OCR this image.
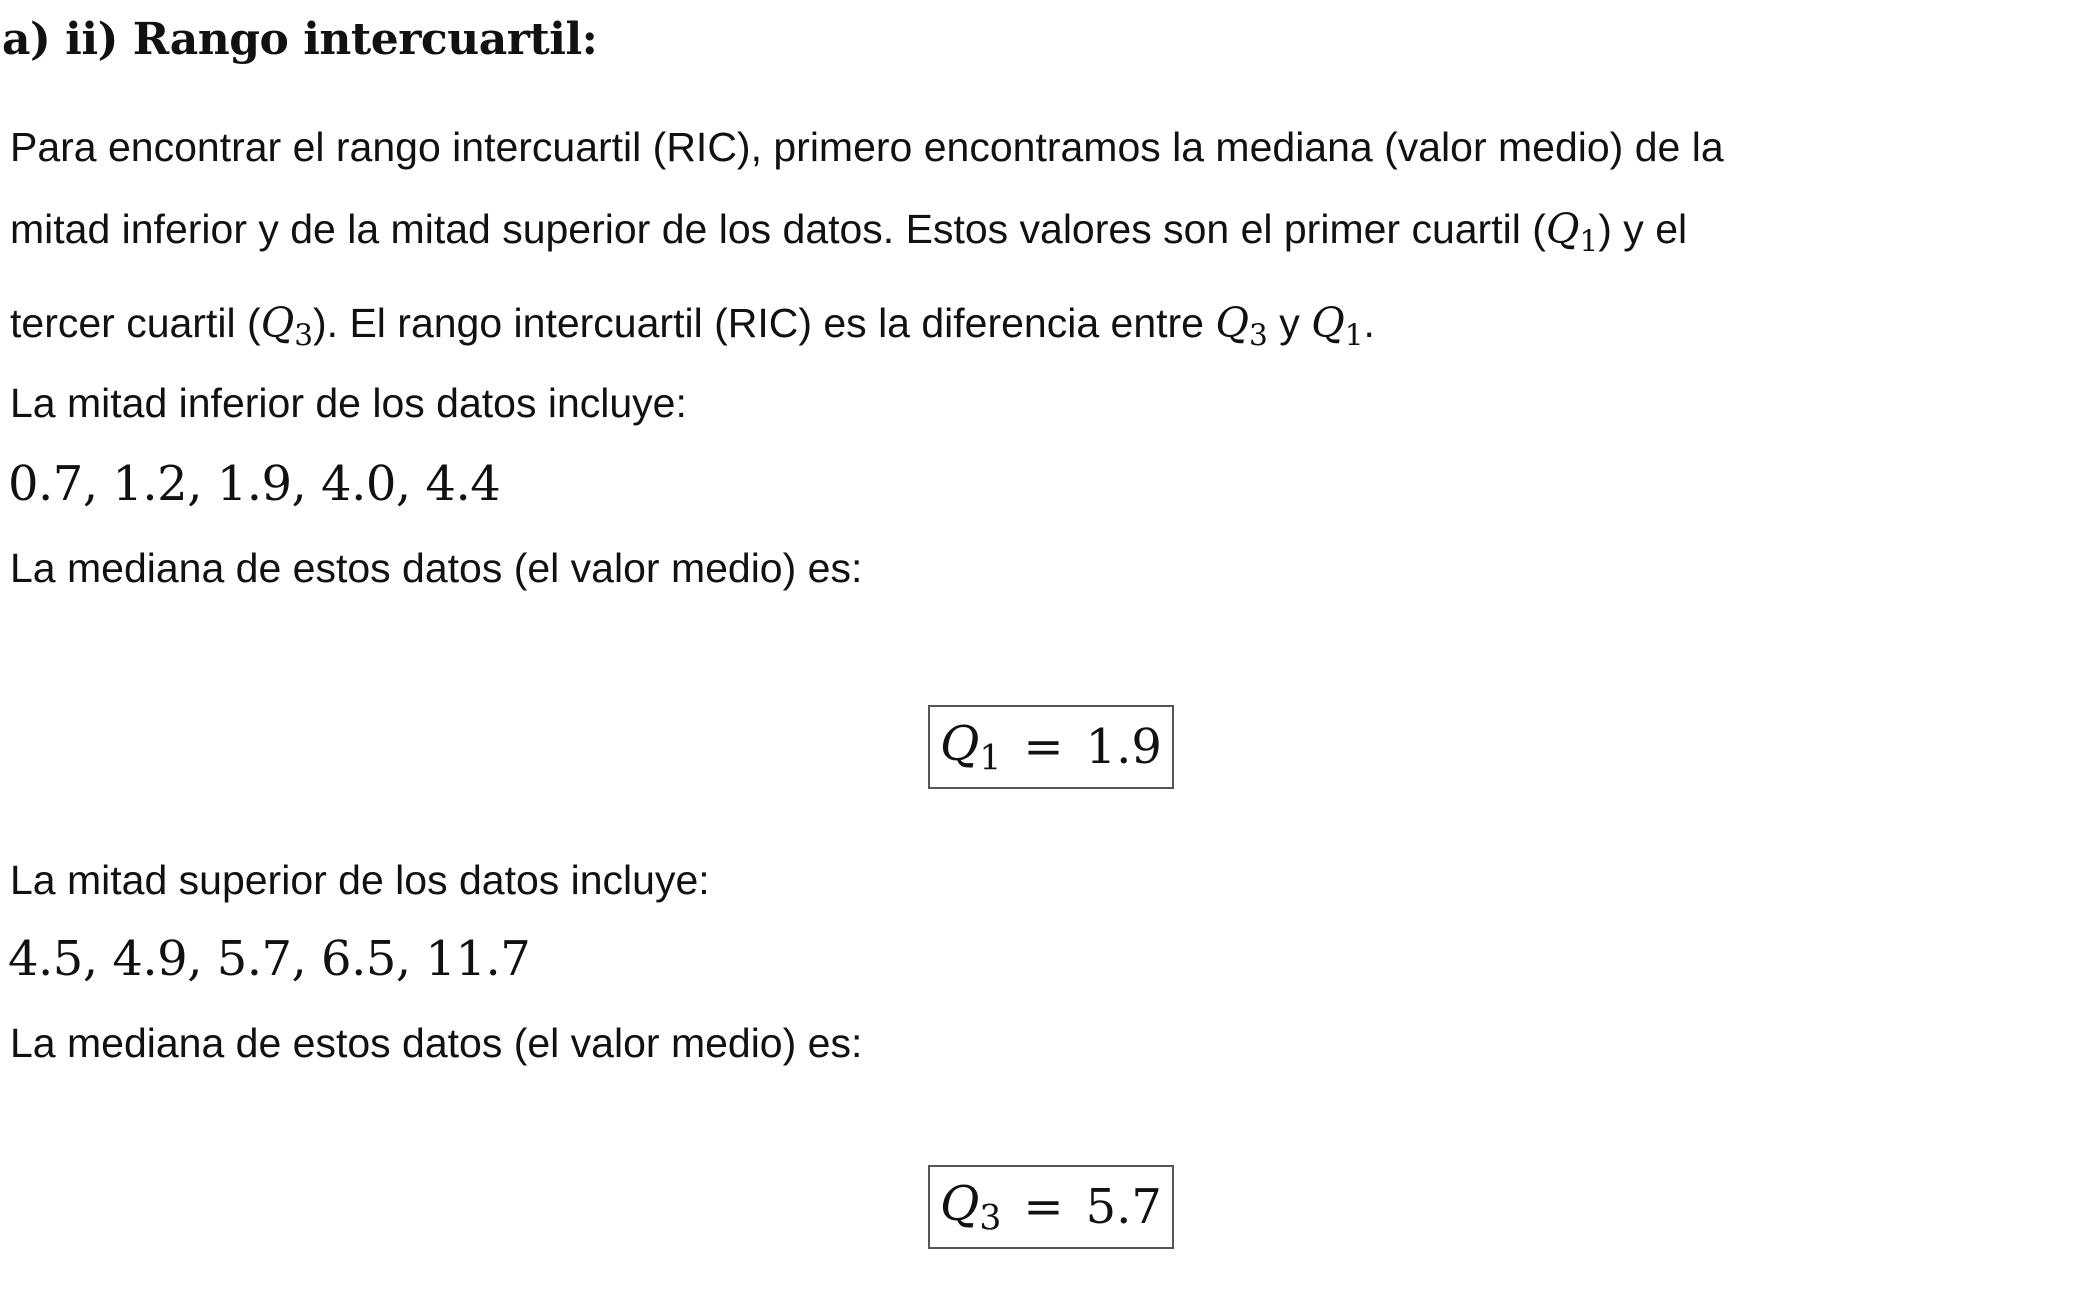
a) ii) Rango intercuartil:
Para encontrar el rango intercuartil (RIC), primero encontramos la mediana (valor medio) de la
mitad inferior y de la mitad superior de los datos. Estos valores son el primer cuartil $(Q_1)$ y el
tercer cuartil $(Q_3)$. El rango intercuartil (RIC) es la diferencia entre $Q_3$ y $Q_1$.
La mitad inferior de los datos incluye:
0.7, 1.2, 1.9, 4.0, 4.4
La mediana de estos datos (el valor medio) es:
$Q_1 = 1.9$
La mitad superior de los datos incluye:
4.5, 4.9, 5.7, 6.5, 11.7
La mediana de estos datos (el valor medio) es:
$Q_3 = 5.7$
